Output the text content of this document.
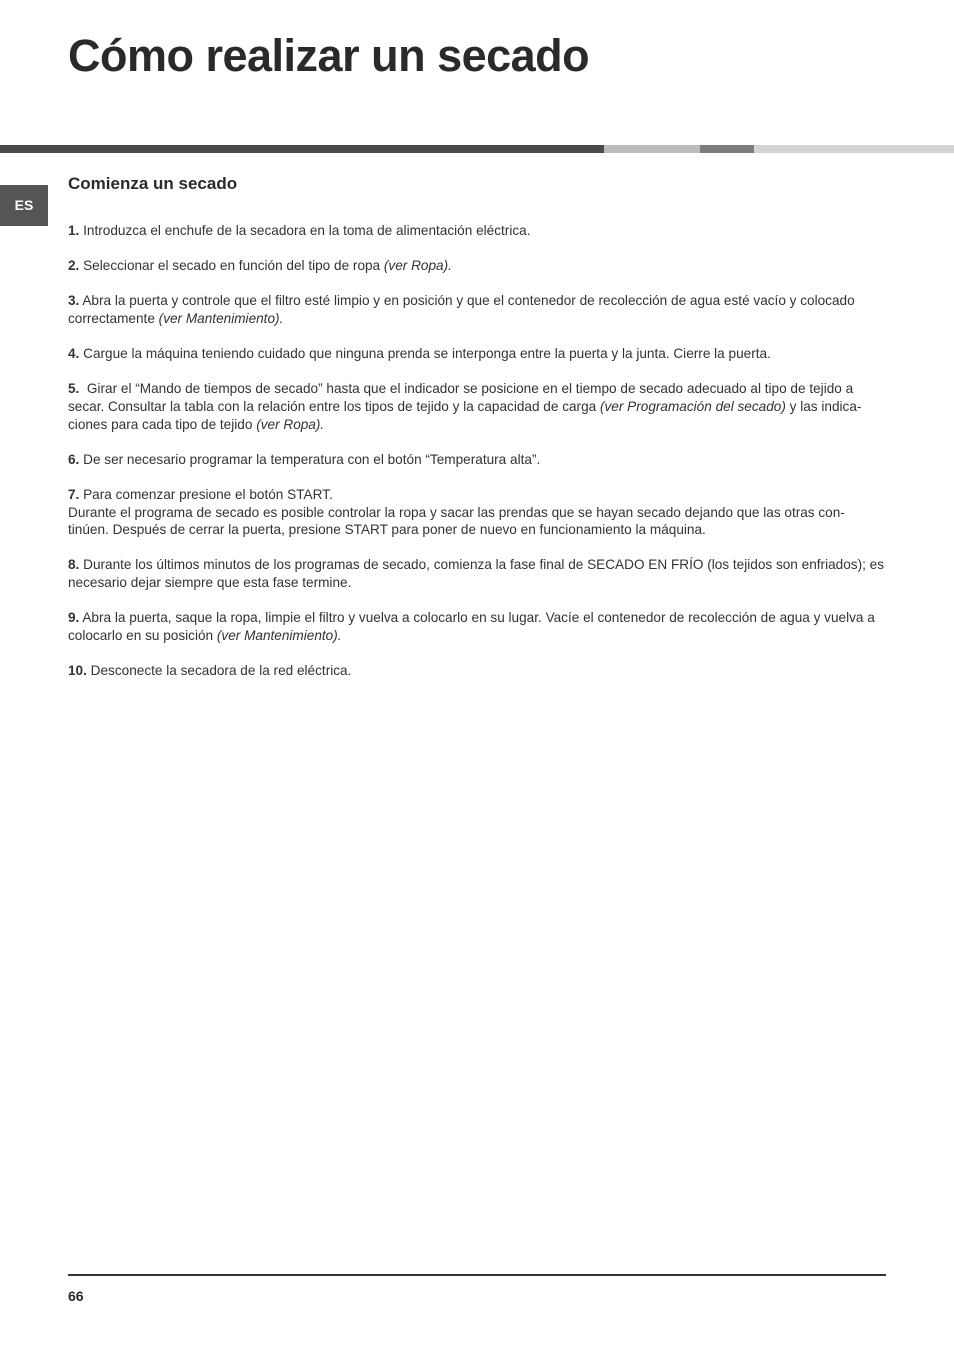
Cómo realizar un secado
ES
Comienza un secado
1. Introduzca el enchufe de la secadora en la toma de alimentación eléctrica.
2. Seleccionar el secado en función del tipo de ropa (ver Ropa).
3. Abra la puerta y controle que el filtro esté limpio y en posición y que el contenedor de recolección de agua esté vacío y colocado correctamente (ver Mantenimiento).
4. Cargue la máquina teniendo cuidado que ninguna prenda se interponga entre la puerta y la junta. Cierre la puerta.
5.  Girar el “Mando de tiempos de secado” hasta que el indicador se posicione en el tiempo de secado adecuado al tipo de tejido a secar. Consultar la tabla con la relación entre los tipos de tejido y la capacidad de carga (ver Programación del secado) y las indica-ciones para cada tipo de tejido (ver Ropa).
6. De ser necesario programar la temperatura con el botón “Temperatura alta”.
7. Para comenzar presione el botón START.
Durante el programa de secado es posible controlar la ropa y sacar las prendas que se hayan secado dejando que las otras con-tinúen. Después de cerrar la puerta, presione START para poner de nuevo en funcionamiento la máquina.
8. Durante los últimos minutos de los programas de secado, comienza la fase final de SECADO EN FRÍO (los tejidos son enfriados); es necesario dejar siempre que esta fase termine.
9. Abra la puerta, saque la ropa, limpie el filtro y vuelva a colocarlo en su lugar. Vacíe el contenedor de recolección de agua y vuelva a colocarlo en su posición (ver Mantenimiento).
10. Desconecte la secadora de la red eléctrica.
66
